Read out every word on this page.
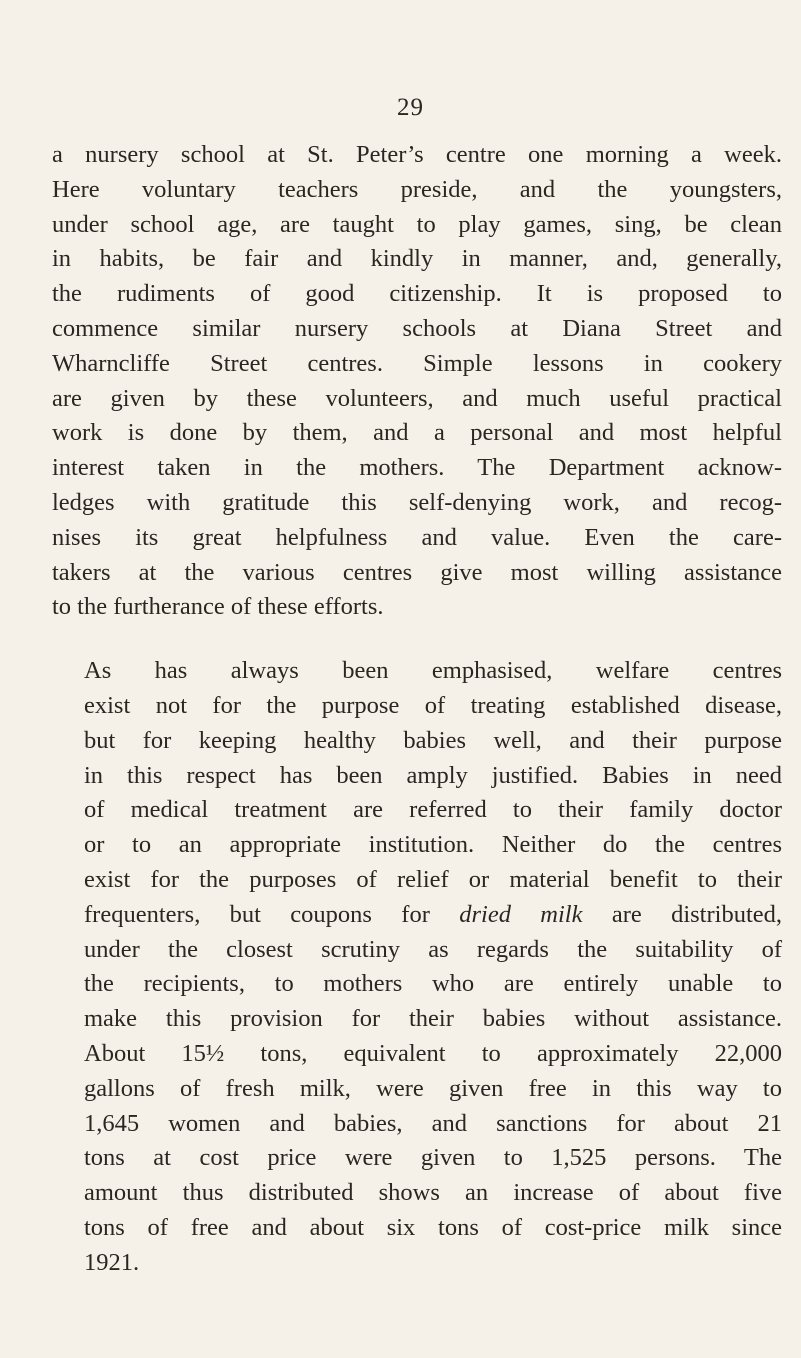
29

a nursery school at St. Peter’s centre one morning a week.
Here voluntary teachers preside, and the youngsters,
under school age, are taught to play games, sing, be clean
in habits, be fair and kindly in manner, and, generally,
the rudiments of good citizenship. It is proposed to
commence similar nursery schools at Diana Street and
Wharncliffe Street centres. Simple lessons in cookery
are given by these volunteers, and much useful practical
work is done by them, and a personal and most helpful
interest taken in the mothers. The Department acknow-
ledges with gratitude this self-denying work, and recog-
nises its great helpfulness and value. Even the care-
takers at the various centres give most willing assistance
to the furtherance of these efforts.

As has always been emphasised, welfare centres
exist not for the purpose of treating established disease,
but for keeping healthy babies well, and their purpose
in this respect has been amply justified. Babies in need
of medical treatment are referred to their family doctor
or to an appropriate institution. Neither do the centres
exist for the purposes of relief or material benefit to their
frequenters, but coupons for dried milk are distributed,
under the closest scrutiny as regards the suitability of
the recipients, to mothers who are entirely unable to
make this provision for their babies without assistance.
About 15½ tons, equivalent to approximately 22,000
gallons of fresh milk, were given free in this way to
1,645 women and babies, and sanctions for about 21
tons at cost price were given to 1,525 persons. The
amount thus distributed shows an increase of about five
tons of free and about six tons of cost-price milk since
1921.
